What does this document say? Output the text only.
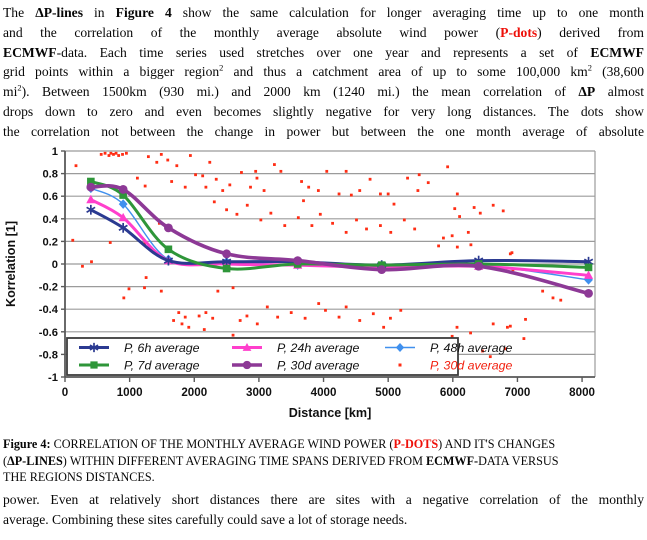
The ΔP-lines in Figure 4 show the same calculation for longer averaging time up to one month
and the correlation of the monthly average absolute wind power (P-dots) derived from
ECMWF-data. Each time series used stretches over one year and represents a set of ECMWF
grid points within a bigger region$^2$ and thus a catchment area of up to some 100,000 $km^2$ (38,600
$mi^2$). Between 1500km (930 mi.) and 2000 km (1240 mi.) the mean correlation of ΔP almost
drops down to zero and even becomes slightly negative for very long distances. The dots show
the correlation not between the change in power but between the one month average of absolute
1
0.8
0.6
0.4
0.2
0
-0.2
-0.4
-0.6
-0.8
-1
0	1000	2000	3000	4000	5000	6000	7000	8000
Distance [km]
Korrelation [1]
P, 6h average	P, 24h average	P, 48h average
P, 7d average	P, 30d average	P, 30d average
Figure 4: CORRELATION OF THE MONTHLY AVERAGE WIND POWER (P-DOTS) AND IT'S CHANGES
(ΔP-LINES) WITHIN DIFFERENT AVERAGING TIME SPANS DERIVED FROM ECMWF-DATA VERSUS
THE REGIONS DISTANCES.
power. Even at relatively short distances there are sites with a negative correlation of the monthly
average. Combining these sites carefully could save a lot of storage needs.
